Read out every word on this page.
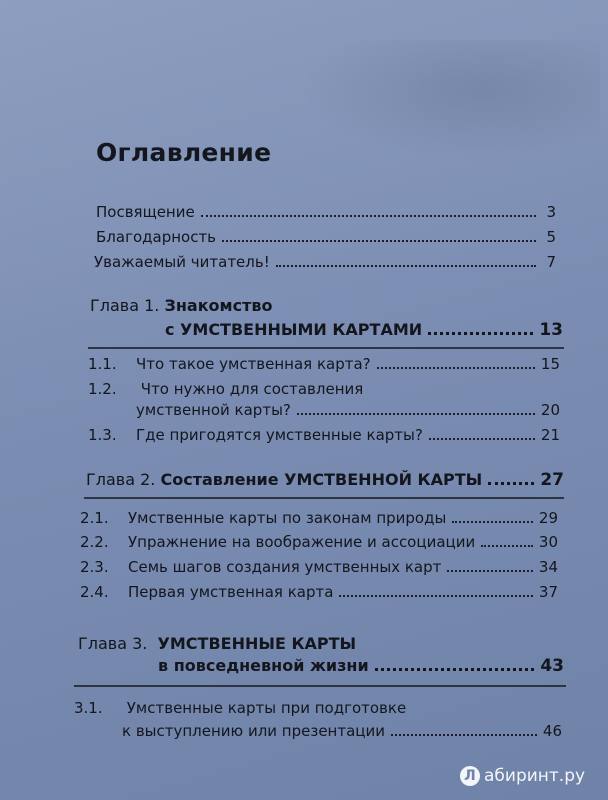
Оглавление
Посвящение	3
Благодарность	5
Уважаемый читатель!	7
Глава 1. Знакомство
с УМСТВЕННЫМИ КАРТАМИ	13
1.1.	Что такое умственная карта?	15
1.2. Что нужно для составления
умственной карты?	20
1.3.	Где пригодятся умственные карты?	21
Глава 2.
Составление УМСТВЕННОЙ КАРТЫ	27
2.1.	Умственные карты по законам природы	29
2.2.	Упражнение на воображение и ассоциации	30
2.3.	Семь шагов создания умственных карт	34
2.4.	Первая умственная карта	37
Глава 3. УМСТВЕННЫЕ КАРТЫ
в повседневной жизни	43
3.1. Умственные карты при подготовке
к выступлению или презентации	46
Л абиринт.ру
